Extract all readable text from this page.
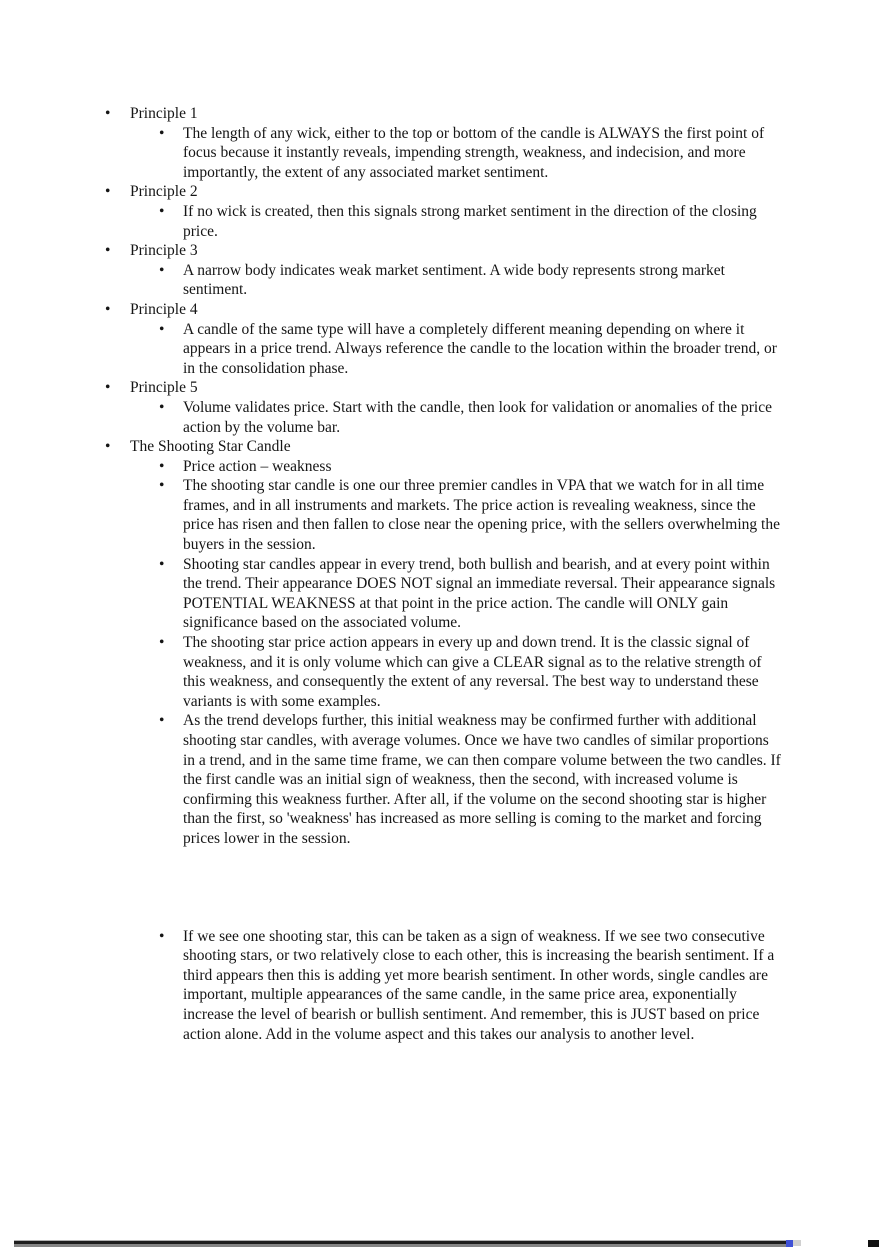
• Principle 1
• The length of any wick, either to the top or bottom of the candle is ALWAYS the first point of focus because it instantly reveals, impending strength, weakness, and indecision, and more importantly, the extent of any associated market sentiment.
• Principle 2
• If no wick is created, then this signals strong market sentiment in the direction of the closing price.
• Principle 3
• A narrow body indicates weak market sentiment. A wide body represents strong market sentiment.
• Principle 4
• A candle of the same type will have a completely different meaning depending on where it appears in a price trend. Always reference the candle to the location within the broader trend, or in the consolidation phase.
• Principle 5
• Volume validates price. Start with the candle, then look for validation or anomalies of the price action by the volume bar.
• The Shooting Star Candle
• Price action – weakness
• The shooting star candle is one our three premier candles in VPA that we watch for in all time frames, and in all instruments and markets. The price action is revealing weakness, since the price has risen and then fallen to close near the opening price, with the sellers overwhelming the buyers in the session.
• Shooting star candles appear in every trend, both bullish and bearish, and at every point within the trend. Their appearance DOES NOT signal an immediate reversal. Their appearance signals POTENTIAL WEAKNESS at that point in the price action. The candle will ONLY gain significance based on the associated volume.
• The shooting star price action appears in every up and down trend. It is the classic signal of weakness, and it is only volume which can give a CLEAR signal as to the relative strength of this weakness, and consequently the extent of any reversal. The best way to understand these variants is with some examples.
• As the trend develops further, this initial weakness may be confirmed further with additional shooting star candles, with average volumes. Once we have two candles of similar proportions in a trend, and in the same time frame, we can then compare volume between the two candles. If the first candle was an initial sign of weakness, then the second, with increased volume is confirming this weakness further. After all, if the volume on the second shooting star is higher than the first, so 'weakness' has increased as more selling is coming to the market and forcing prices lower in the session.
• If we see one shooting star, this can be taken as a sign of weakness. If we see two consecutive shooting stars, or two relatively close to each other, this is increasing the bearish sentiment. If a third appears then this is adding yet more bearish sentiment. In other words, single candles are important, multiple appearances of the same candle, in the same price area, exponentially increase the level of bearish or bullish sentiment. And remember, this is JUST based on price action alone. Add in the volume aspect and this takes our analysis to another level.
